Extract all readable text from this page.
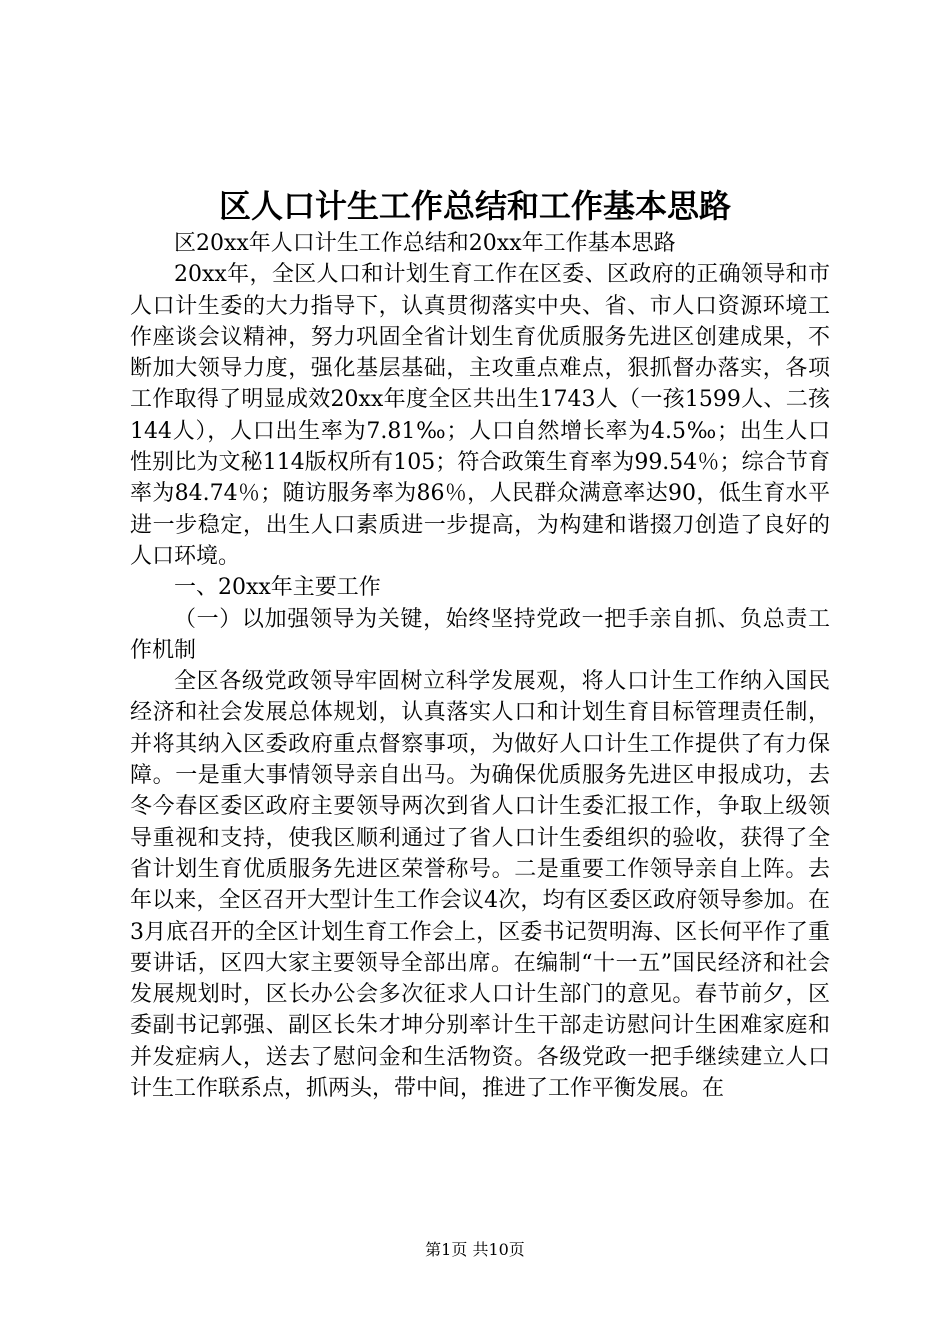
区人口计生工作总结和工作基本思路

区20xx年人口计生工作总结和20xx年工作基本思路

20xx年，全区人口和计划生育工作在区委、区政府的正确领导和市人口计生委的大力指导下，认真贯彻落实中央、省、市人口资源环境工作座谈会议精神，努力巩固全省计划生育优质服务先进区创建成果，不断加大领导力度，强化基层基础，主攻重点难点，狠抓督办落实，各项工作取得了明显成效20xx年度全区共出生1743人（一孩1599人、二孩144人），人口出生率为7.81‰；人口自然增长率为4.5‰；出生人口性别比为文秘114版权所有105；符合政策生育率为99.54％；综合节育率为84.74％；随访服务率为86％，人民群众满意率达90，低生育水平进一步稳定，出生人口素质进一步提高，为构建和谐掇刀创造了良好的人口环境。

一、20xx年主要工作

（一）以加强领导为关键，始终坚持党政一把手亲自抓、负总责工作机制

全区各级党政领导牢固树立科学发展观，将人口计生工作纳入国民经济和社会发展总体规划，认真落实人口和计划生育目标管理责任制，并将其纳入区委政府重点督察事项，为做好人口计生工作提供了有力保障。一是重大事情领导亲自出马。为确保优质服务先进区申报成功，去冬今春区委区政府主要领导两次到省人口计生委汇报工作，争取上级领导重视和支持，使我区顺利通过了省人口计生委组织的验收，获得了全省计划生育优质服务先进区荣誉称号。二是重要工作领导亲自上阵。去年以来，全区召开大型计生工作会议4次，均有区委区政府领导参加。在3月底召开的全区计划生育工作会上，区委书记贺明海、区长何平作了重要讲话，区四大家主要领导全部出席。在编制“十一五”国民经济和社会发展规划时，区长办公会多次征求人口计生部门的意见。春节前夕，区委副书记郭强、副区长朱才坤分别率计生干部走访慰问计生困难家庭和并发症病人，送去了慰问金和生活物资。各级党政一把手继续建立人口计生工作联系点，抓两头，带中间，推进了工作平衡发展。在

第1页 共10页
